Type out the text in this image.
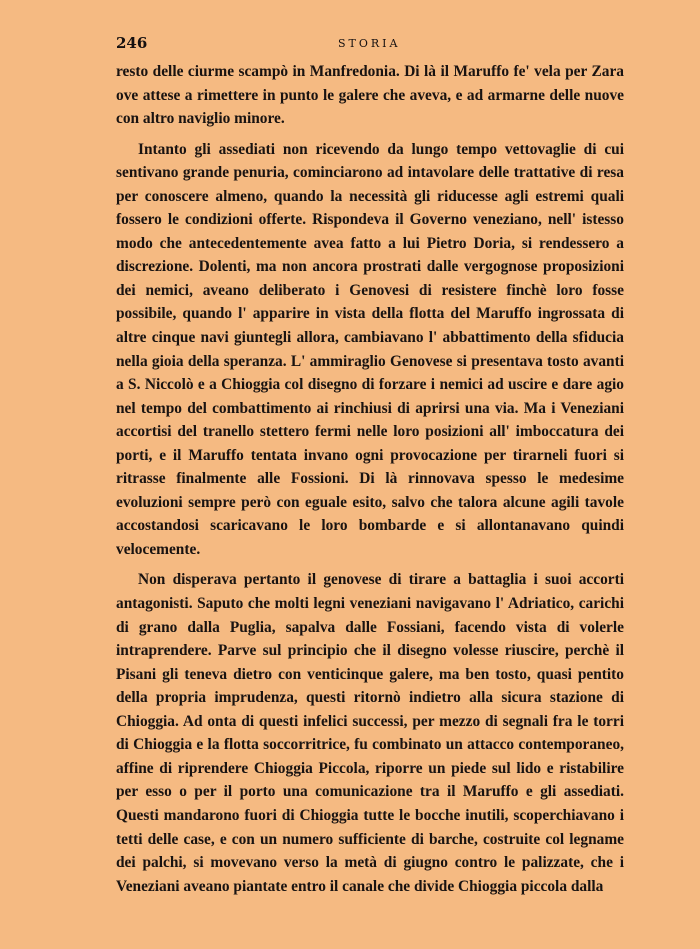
246	STORIA

resto delle ciurme scampò in Manfredonia. Di là il Maruffo fe' vela per Zara ove attese a rimettere in punto le galere che aveva, e ad armarne delle nuove con altro naviglio minore.

Intanto gli assediati non ricevendo da lungo tempo vettovaglie di cui sentivano grande penuria, cominciarono ad intavolare delle trattative di resa per conoscere almeno, quando la necessità gli riducesse agli estremi quali fossero le condizioni offerte. Rispondeva il Governo veneziano, nell' istesso modo che antecedentemente avea fatto a lui Pietro Doria, si rendessero a discrezione. Dolenti, ma non ancora prostrati dalle vergognose proposizioni dei nemici, aveano deliberato i Genovesi di resistere finchè loro fosse possibile, quando l' apparire in vista della flotta del Maruffo ingrossata di altre cinque navi giuntegli allora, cambiavano l' abbattimento della sfiducia nella gioia della speranza. L' ammiraglio Genovese si presentava tosto avanti a S. Niccolò e a Chioggia col disegno di forzare i nemici ad uscire e dare agio nel tempo del combattimento ai rinchiusi di aprirsi una via. Ma i Veneziani accortisi del tranello stettero fermi nelle loro posizioni all' imboccatura dei porti, e il Maruffo tentata invano ogni provocazione per tirarneli fuori si ritrasse finalmente alle Fossioni. Di là rinnovava spesso le medesime evoluzioni sempre però con eguale esito, salvo che talora alcune agili tavole accostandosi scaricavano le loro bombarde e si allontanavano quindi velocemente.

Non disperava pertanto il genovese di tirare a battaglia i suoi accorti antagonisti. Saputo che molti legni veneziani navigavano l' Adriatico, carichi di grano dalla Puglia, sapalva dalle Fossiani, facendo vista di volerle intraprendere. Parve sul principio che il disegno volesse riuscire, perchè il Pisani gli teneva dietro con venticinque galere, ma ben tosto, quasi pentito della propria imprudenza, questi ritornò indietro alla sicura stazione di Chioggia. Ad onta di questi infelici successi, per mezzo di segnali fra le torri di Chioggia e la flotta soccorritrice, fu combinato un attacco contemporaneo, affine di riprendere Chioggia Piccola, riporre un piede sul lido e ristabilire per esso o per il porto una comunicazione tra il Maruffo e gli assediati. Questi mandarono fuori di Chioggia tutte le bocche inutili, scoperchiavano i tetti delle case, e con un numero sufficiente di barche, costruite col legname dei palchi, si movevano verso la metà di giugno contro le palizzate, che i Veneziani aveano piantate entro il canale che divide Chioggia piccola dalla
